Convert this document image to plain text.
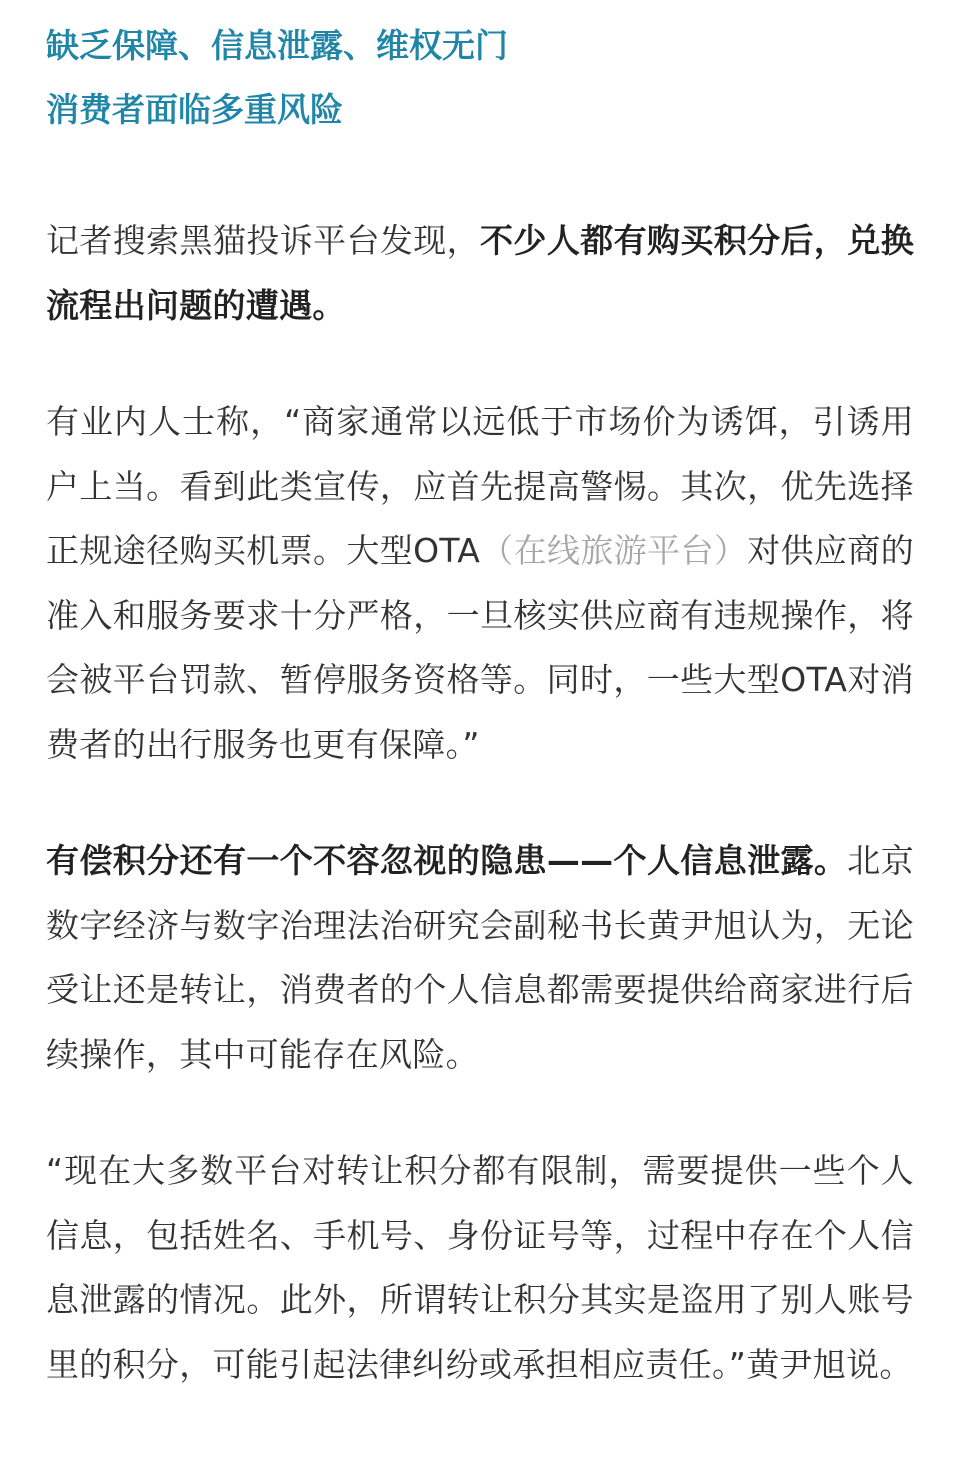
缺乏保障、信息泄露、维权无门
消费者面临多重风险

记者搜索黑猫投诉平台发现，不少人都有购买积分后，兑换流程出问题的遭遇。

有业内人士称，“商家通常以远低于市场价为诱饵，引诱用户上当。看到此类宣传，应首先提高警惕。其次，优先选择正规途径购买机票。大型OTA（在线旅游平台）对供应商的准入和服务要求十分严格，一旦核实供应商有违规操作，将会被平台罚款、暂停服务资格等。同时，一些大型OTA对消费者的出行服务也更有保障。”

有偿积分还有一个不容忽视的隐患——个人信息泄露。北京数字经济与数字治理法治研究会副秘书长黄尹旭认为，无论受让还是转让，消费者的个人信息都需要提供给商家进行后续操作，其中可能存在风险。

“现在大多数平台对转让积分都有限制，需要提供一些个人信息，包括姓名、手机号、身份证号等，过程中存在个人信息泄露的情况。此外，所谓转让积分其实是盗用了别人账号里的积分，可能引起法律纠纷或承担相应责任。”黄尹旭说。
